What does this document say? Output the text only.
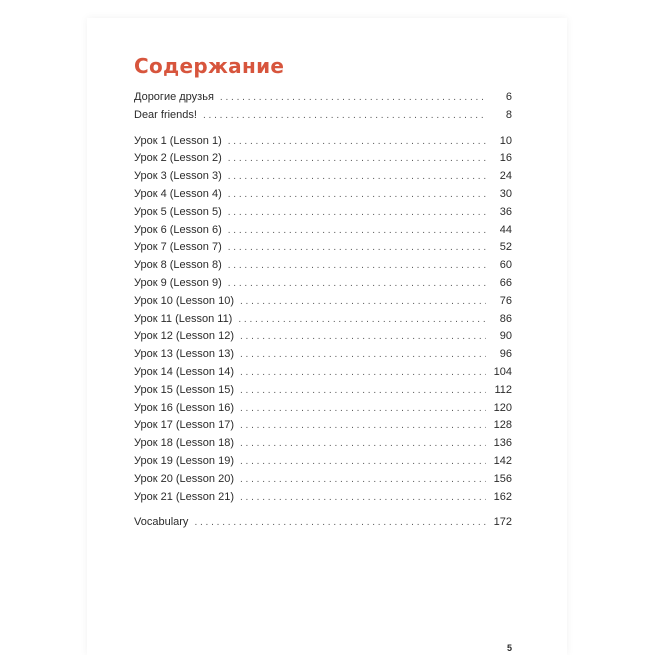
Содержание
Дорогие друзья . . .	6
Dear friends! . . .	8
Урок 1 (Lesson 1) . . .	10
Урок 2 (Lesson 2) . . .	16
Урок 3 (Lesson 3) . . .	24
Урок 4 (Lesson 4) . . .	30
Урок 5 (Lesson 5) . . .	36
Урок 6 (Lesson 6) . . .	44
Урок 7 (Lesson 7) . . .	52
Урок 8 (Lesson 8) . . .	60
Урок 9 (Lesson 9) . . .	66
Урок 10 (Lesson 10) . . .	76
Урок 11 (Lesson 11) . . .	86
Урок 12 (Lesson 12) . . .	90
Урок 13 (Lesson 13) . . .	96
Урок 14 (Lesson 14) . . .	104
Урок 15 (Lesson 15) . . .	112
Урок 16 (Lesson 16) . . .	120
Урок 17 (Lesson 17) . . .	128
Урок 18 (Lesson 18) . . .	136
Урок 19 (Lesson 19) . . .	142
Урок 20 (Lesson 20) . . .	156
Урок 21 (Lesson 21) . . .	162
Vocabulary . . .	172
5
